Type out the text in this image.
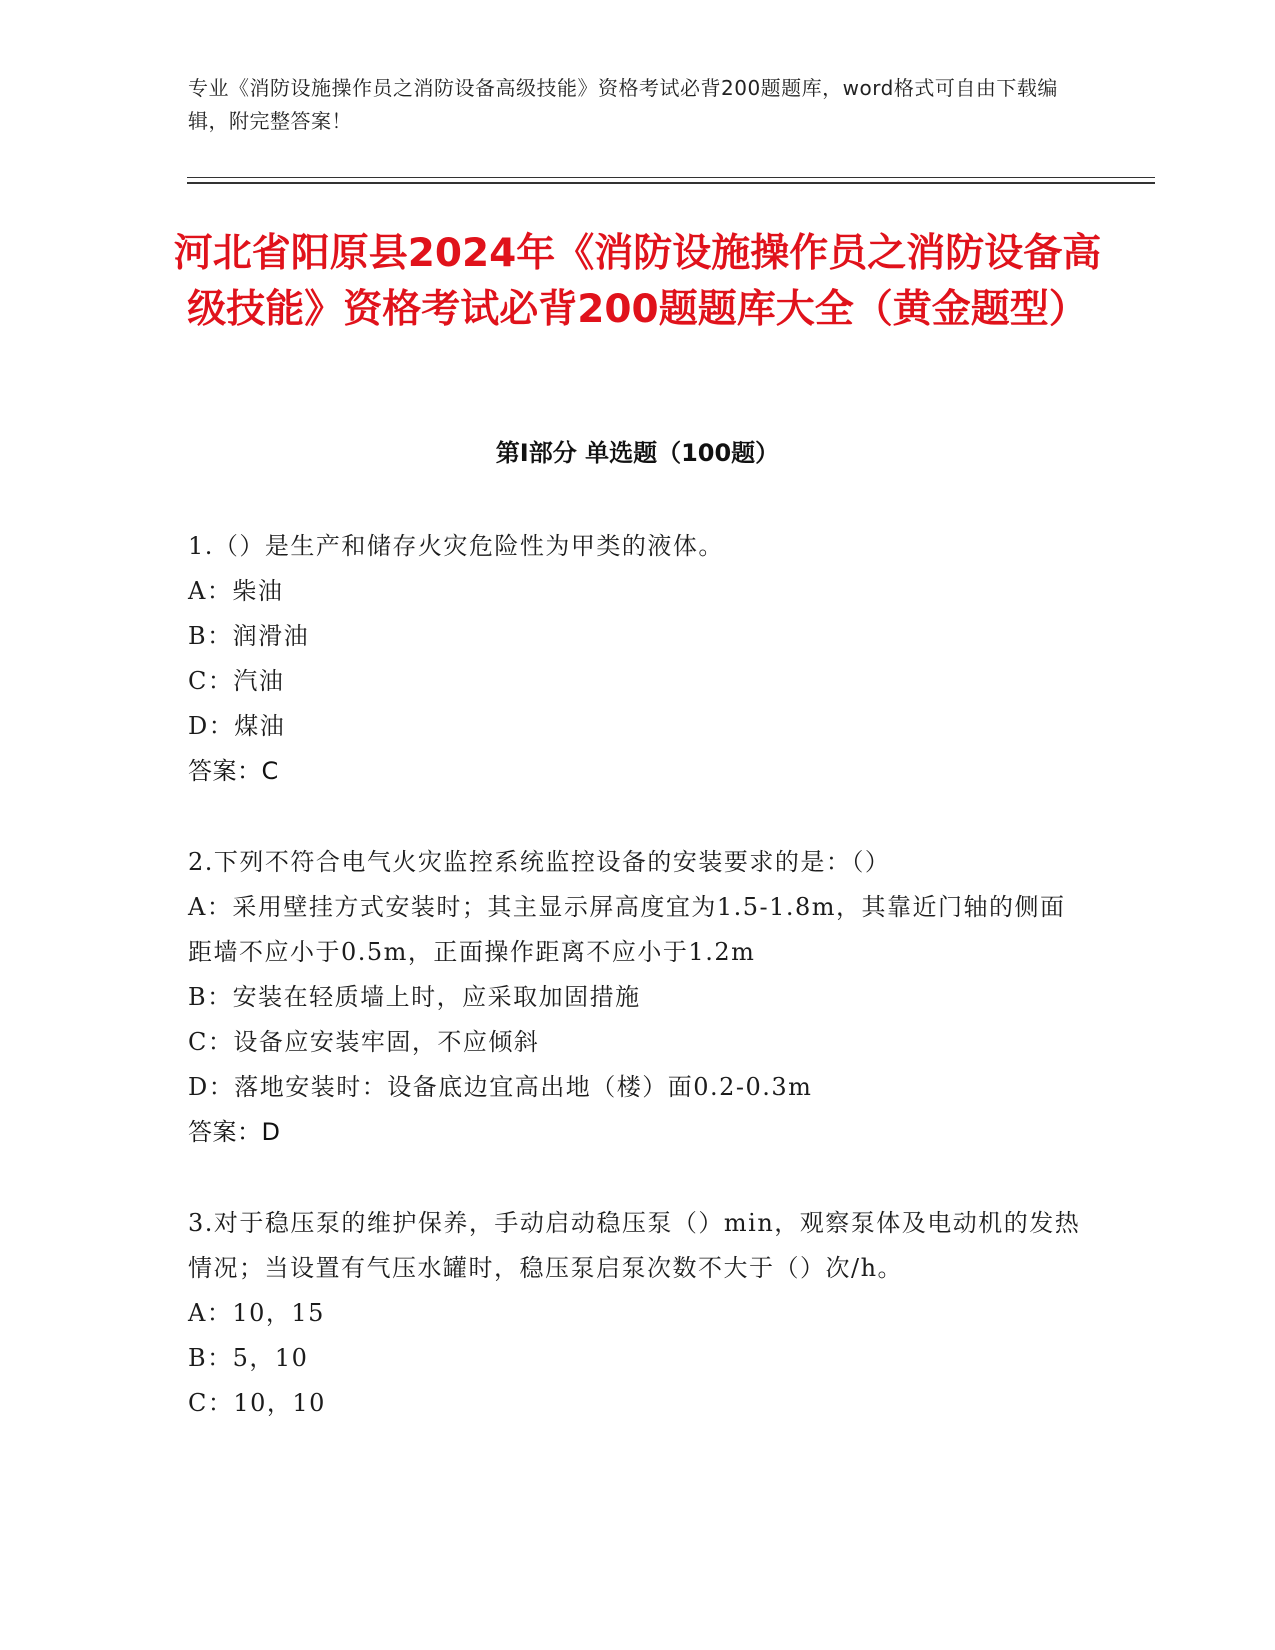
专业《消防设施操作员之消防设备高级技能》资格考试必背200题题库，word格式可自由下载编辑，附完整答案！
河北省阳原县2024年《消防设施操作员之消防设备高级技能》资格考试必背200题题库大全（黄金题型）
第I部分 单选题（100题）

1.（）是生产和储存火灾危险性为甲类的液体。

A：柴油

B：润滑油

C：汽油

D：煤油

答案：C

2.下列不符合电气火灾监控系统监控设备的安装要求的是：（）

A：采用壁挂方式安装时；其主显示屏高度宜为1.5-1.8m，其靠近门轴的侧面距墙不应小于0.5m，正面操作距离不应小于1.2m

B：安装在轻质墙上时，应采取加固措施

C：设备应安装牢固，不应倾斜

D：落地安装时：设备底边宜高出地（楼）面0.2-0.3m

答案：D

3.对于稳压泵的维护保养，手动启动稳压泵（）min，观察泵体及电动机的发热情况；当设置有气压水罐时，稳压泵启泵次数不大于（）次/h。

A：10，15

B：5，10

C：10，10
